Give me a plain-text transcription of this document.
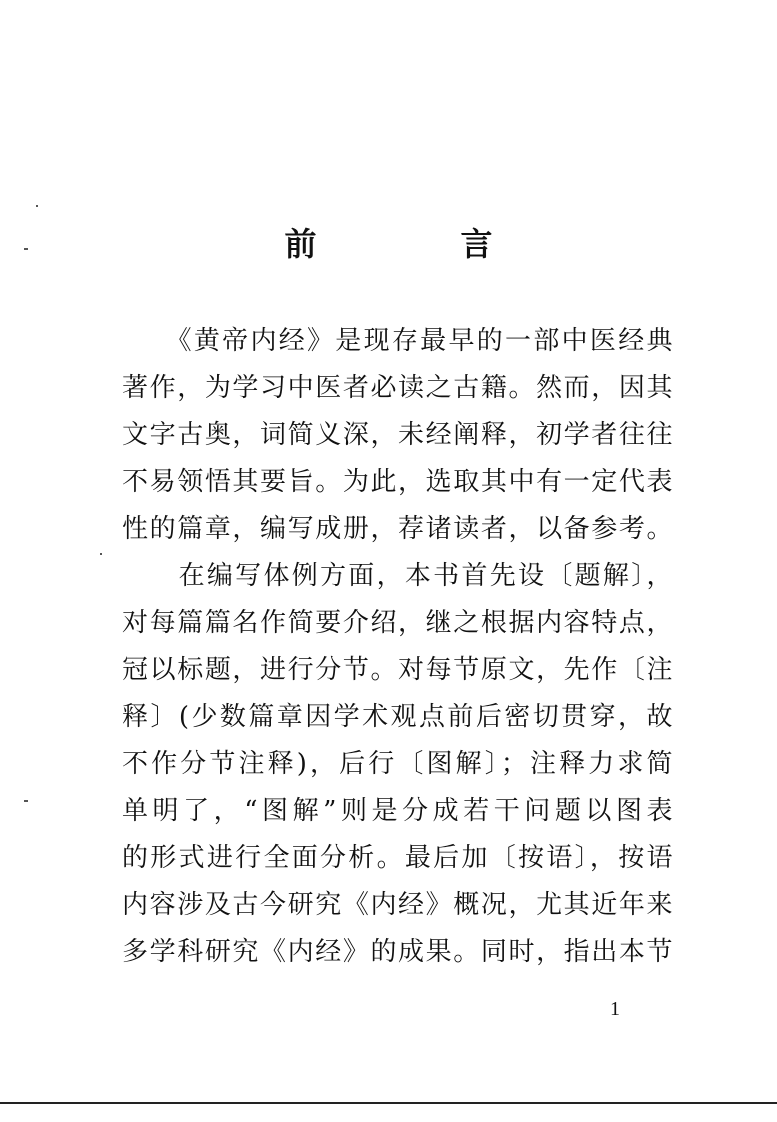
前　言
　　《黄帝内经》是现存最早的一部中医经典
著作，为学习中医者必读之古籍。然而，因其
文字古奥，词简义深，未经阐释，初学者往往
不易领悟其要旨。为此，选取其中有一定代表
性的篇章，编写成册，荐诸读者，以备参考。
　　在编写体例方面，本书首先设〔题解〕，
对每篇篇名作简要介绍，继之根据内容特点，
冠以标题，进行分节。对每节原文，先作〔注
释〕(少数篇章因学术观点前后密切贯穿，故
不作分节注释)，后行〔图解〕；注释力求简
单明了，“图解”则是分成若干问题以图表
的形式进行全面分析。最后加〔按语〕，按语
内容涉及古今研究《内经》概况，尤其近年来
多学科研究《内经》的成果。同时，指出本节
1
